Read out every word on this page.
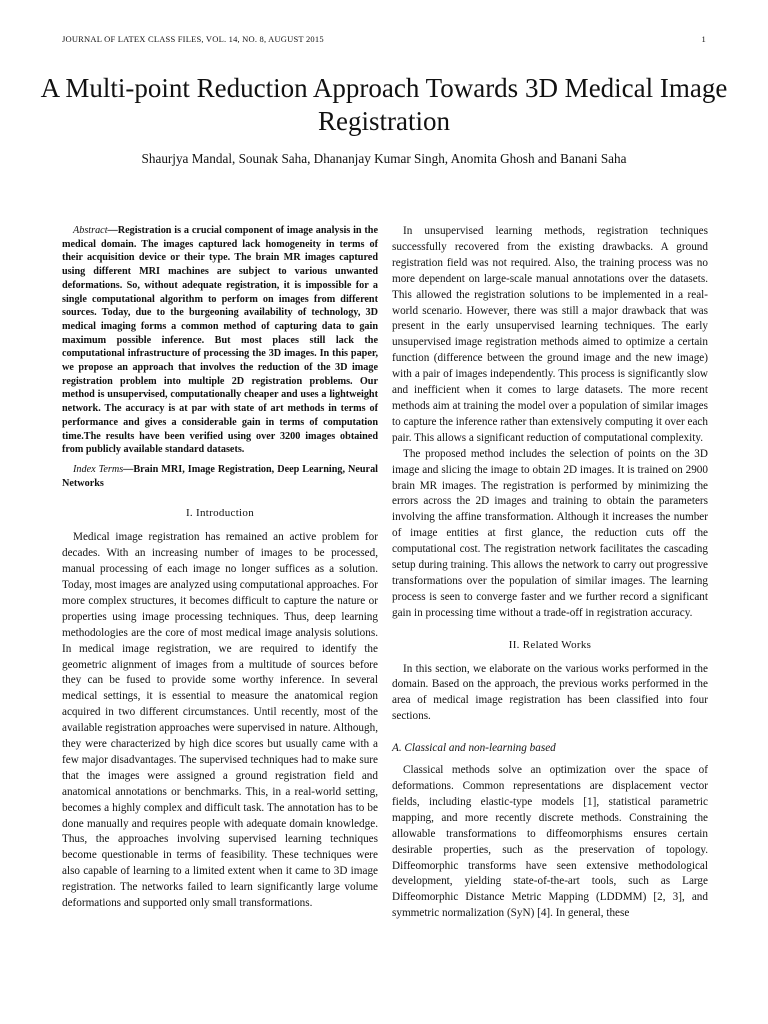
JOURNAL OF LATEX CLASS FILES, VOL. 14, NO. 8, AUGUST 2015	1
A Multi-point Reduction Approach Towards 3D Medical Image Registration
Shaurjya Mandal, Sounak Saha, Dhananjay Kumar Singh, Anomita Ghosh and Banani Saha

Abstract—Registration is a crucial component of image analysis in the medical domain. The images captured lack homogeneity in terms of their acquisition device or their type. The brain MR images captured using different MRI machines are subject to various unwanted deformations. So, without adequate registration, it is impossible for a single computational algorithm to perform on images from different sources. Today, due to the burgeoning availability of technology, 3D medical imaging forms a common method of capturing data to gain maximum possible inference. But most places still lack the computational infrastructure of processing the 3D images. In this paper, we propose an approach that involves the reduction of the 3D image registration problem into multiple 2D registration problems. Our method is unsupervised, computationally cheaper and uses a lightweight network. The accuracy is at par with state of art methods in terms of performance and gives a considerable gain in terms of computation time.The results have been verified using over 3200 images obtained from publicly available standard datasets.

Index Terms—Brain MRI, Image Registration, Deep Learning, Neural Networks

I. Introduction

Medical image registration has remained an active problem for decades. With an increasing number of images to be processed, manual processing of each image no longer suffices as a solution. Today, most images are analyzed using computational approaches. For more complex structures, it becomes difficult to capture the nature or properties using image processing techniques. Thus, deep learning methodologies are the core of most medical image analysis solutions. In medical image registration, we are required to identify the geometric alignment of images from a multitude of sources before they can be fused to provide some worthy inference. In several medical settings, it is essential to measure the anatomical region acquired in two different circumstances. Until recently, most of the available registration approaches were supervised in nature. Although, they were characterized by high dice scores but usually came with a few major disadvantages. The supervised techniques had to make sure that the images were assigned a ground registration field and anatomical annotations or benchmarks. This, in a real-world setting, becomes a highly complex and difficult task. The annotation has to be done manually and requires people with adequate domain knowledge. Thus, the approaches involving supervised learning techniques become questionable in terms of feasibility. These techniques were also capable of learning to a limited extent when it came to 3D image registration. The networks failed to learn significantly large volume deformations and supported only small transformations.

In unsupervised learning methods, registration techniques successfully recovered from the existing drawbacks. A ground registration field was not required. Also, the training process was no more dependent on large-scale manual annotations over the datasets. This allowed the registration solutions to be implemented in a real-world scenario. However, there was still a major drawback that was present in the early unsupervised learning techniques. The early unsupervised image registration methods aimed to optimize a certain function (difference between the ground image and the new image) with a pair of images independently. This process is significantly slow and inefficient when it comes to large datasets. The more recent methods aim at training the model over a population of similar images to capture the inference rather than extensively computing it over each pair. This allows a significant reduction of computational complexity.

The proposed method includes the selection of points on the 3D image and slicing the image to obtain 2D images. It is trained on 2900 brain MR images. The registration is performed by minimizing the errors across the 2D images and training to obtain the parameters involving the affine transformation. Although it increases the number of image entities at first glance, the reduction cuts off the computational cost. The registration network facilitates the cascading setup during training. This allows the network to carry out progressive transformations over the population of similar images. The learning process is seen to converge faster and we further record a significant gain in processing time without a trade-off in registration accuracy.

II. Related Works

In this section, we elaborate on the various works performed in the domain. Based on the approach, the previous works performed in the area of medical image registration has been classified into four sections.

A. Classical and non-learning based

Classical methods solve an optimization over the space of deformations. Common representations are displacement vector fields, including elastic-type models [1], statistical parametric mapping, and more recently discrete methods. Constraining the allowable transformations to diffeomorphisms ensures certain desirable properties, such as the preservation of topology. Diffeomorphic transforms have seen extensive methodological development, yielding state-of-the-art tools, such as Large Diffeomorphic Distance Metric Mapping (LDDMM) [2, 3], and symmetric normalization (SyN) [4]. In general, these
